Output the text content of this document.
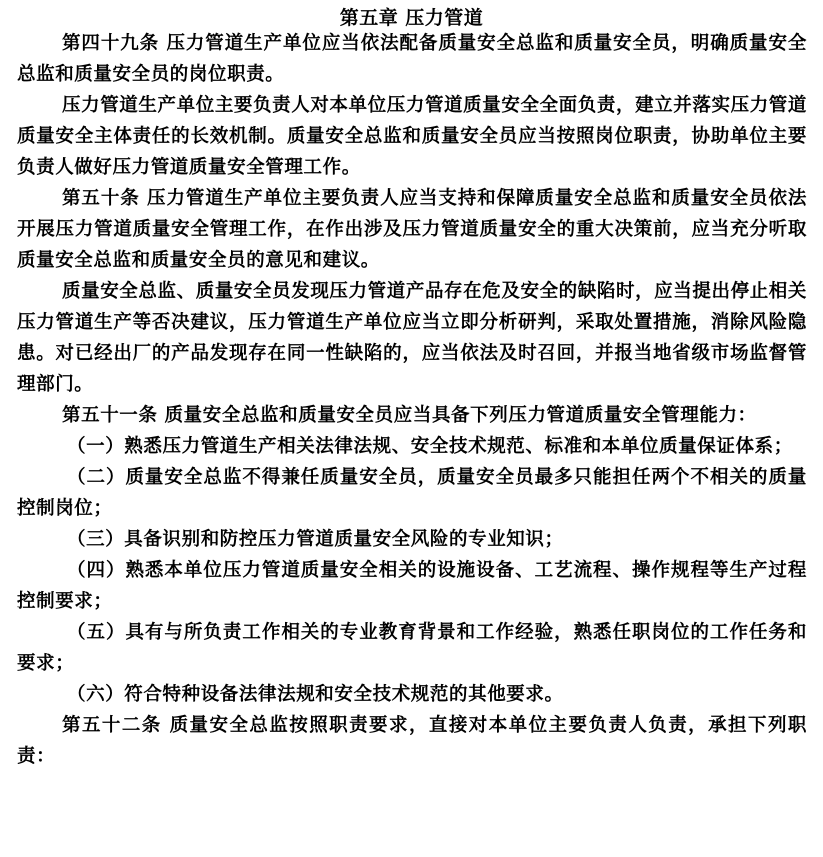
第五章 压力管道

第四十九条 压力管道生产单位应当依法配备质量安全总监和质量安全员，明确质量安全总监和质量安全员的岗位职责。

压力管道生产单位主要负责人对本单位压力管道质量安全全面负责，建立并落实压力管道质量安全主体责任的长效机制。质量安全总监和质量安全员应当按照岗位职责，协助单位主要负责人做好压力管道质量安全管理工作。

第五十条 压力管道生产单位主要负责人应当支持和保障质量安全总监和质量安全员依法开展压力管道质量安全管理工作，在作出涉及压力管道质量安全的重大决策前，应当充分听取质量安全总监和质量安全员的意见和建议。

质量安全总监、质量安全员发现压力管道产品存在危及安全的缺陷时，应当提出停止相关压力管道生产等否决建议，压力管道生产单位应当立即分析研判，采取处置措施，消除风险隐患。对已经出厂的产品发现存在同一性缺陷的，应当依法及时召回，并报当地省级市场监督管理部门。

第五十一条 质量安全总监和质量安全员应当具备下列压力管道质量安全管理能力：

（一）熟悉压力管道生产相关法律法规、安全技术规范、标准和本单位质量保证体系；

（二）质量安全总监不得兼任质量安全员，质量安全员最多只能担任两个不相关的质量控制岗位；

（三）具备识别和防控压力管道质量安全风险的专业知识；

（四）熟悉本单位压力管道质量安全相关的设施设备、工艺流程、操作规程等生产过程控制要求；

（五）具有与所负责工作相关的专业教育背景和工作经验，熟悉任职岗位的工作任务和要求；

（六）符合特种设备法律法规和安全技术规范的其他要求。

第五十二条 质量安全总监按照职责要求，直接对本单位主要负责人负责，承担下列职责：
